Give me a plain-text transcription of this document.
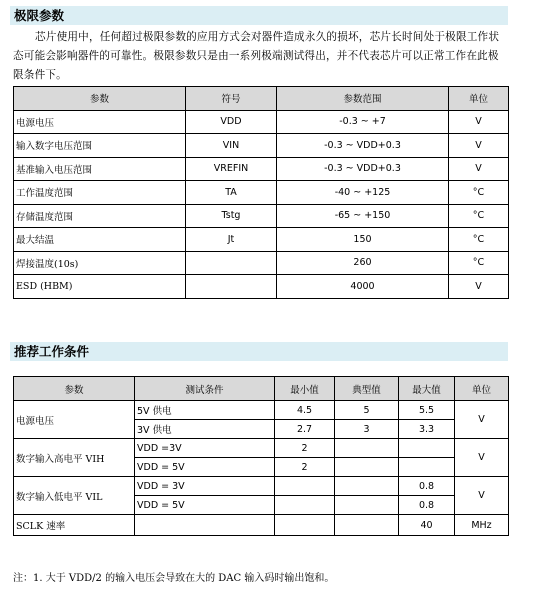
极限参数
芯片使用中，任何超过极限参数的应用方式会对器件造成永久的损坏，芯片长时间处于极限工作状态可能会影响器件的可靠性。极限参数只是由一系列极端测试得出，并不代表芯片可以正常工作在此极限条件下。
参数	符号	参数范围	单位
电源电压	VDD	-0.3 ~ +7	V
输入数字电压范围	VIN	-0.3 ~ VDD+0.3	V
基准输入电压范围	VREFIN	-0.3 ~ VDD+0.3	V
工作温度范围	TA	-40 ~ +125	°C
存储温度范围	Tstg	-65 ~ +150	°C
最大结温	Jt	150	°C
焊接温度(10s)		260	°C
ESD (HBM)		4000	V
推荐工作条件
参数	测试条件	最小值	典型值	最大值	单位
电源电压	5V 供电	4.5	5	5.5	V
	3V 供电	2.7	3	3.3	
数字输入高电平 VIH	VDD =3V	2			V
	VDD = 5V	2			
数字输入低电平 VIL	VDD = 3V			0.8	V
	VDD = 5V			0.8	
SCLK 速率				40	MHz
注：1. 大于 VDD/2 的输入电压会导致在大的 DAC 输入码时输出饱和。
